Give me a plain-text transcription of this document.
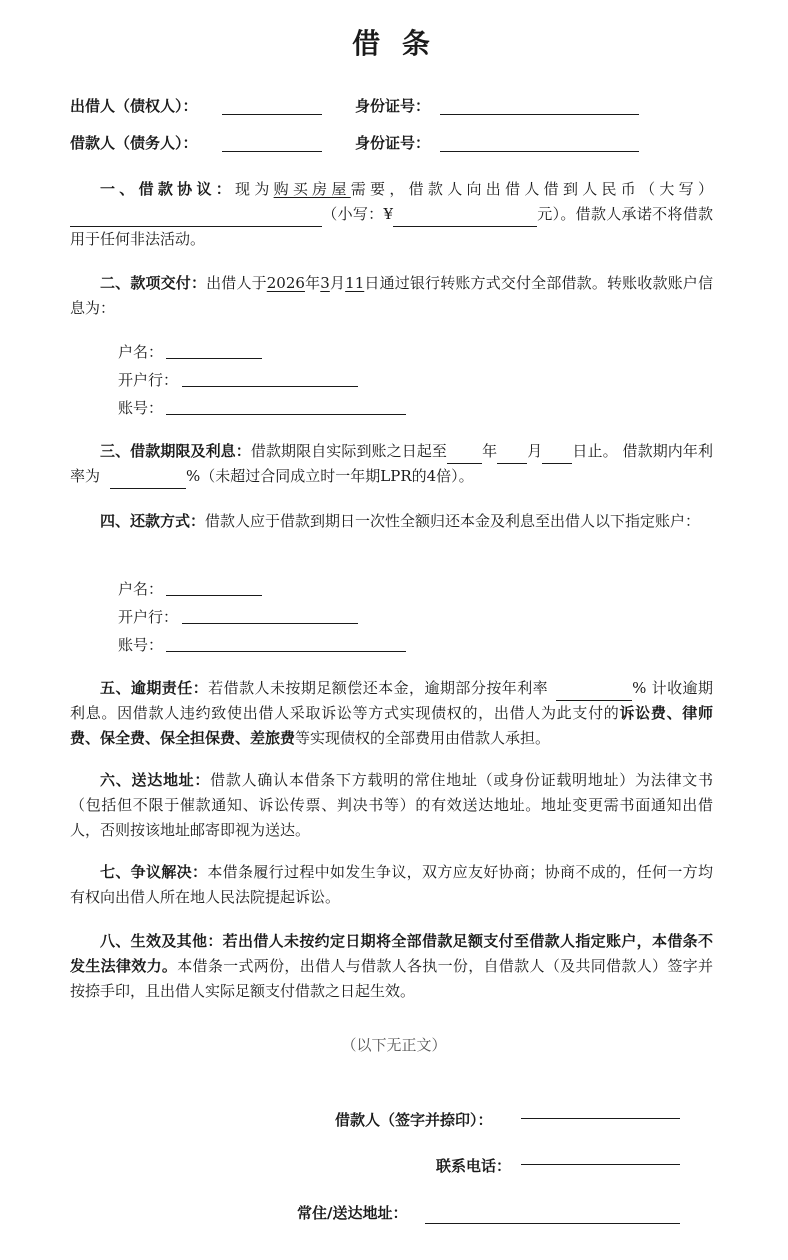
借 条
出借人（债权人）：	身份证号：
借款人（债务人）：	身份证号：
一、借款协议：现为购买房屋需要，借款人向出借人借到人民币（大写）（小写：¥	元）。借款人承诺不将借款用于任何非法活动。
二、款项交付：出借人于2026年3月11日通过银行转账方式交付全部借款。转账收款账户信息为：
户名：
开户行：
账号：
三、借款期限及利息：借款期限自实际到账之日起至 年 月 日止。 借款期内年利率为	%（未超过合同成立时一年期LPR的4倍）。
四、还款方式：借款人应于借款到期日一次性全额归还本金及利息至出借人以下指定账户：
户名：
开户行：
账号：
五、逾期责任：若借款人未按期足额偿还本金，逾期部分按年利率	% 计收逾期利息。因借款人违约致使出借人采取诉讼等方式实现债权的，出借人为此支付的诉讼费、律师费、保全费、保全担保费、差旅费等实现债权的全部费用由借款人承担。
六、送达地址：借款人确认本借条下方载明的常住地址（或身份证载明地址）为法律文书（包括但不限于催款通知、诉讼传票、判决书等）的有效送达地址。地址变更需书面通知出借人，否则按该地址邮寄即视为送达。
七、争议解决：本借条履行过程中如发生争议，双方应友好协商；协商不成的，任何一方均有权向出借人所在地人民法院提起诉讼。
八、生效及其他：若出借人未按约定日期将全部借款足额支付至借款人指定账户，本借条不发生法律效力。本借条一式两份，出借人与借款人各执一份，自借款人（及共同借款人）签字并按捺手印，且出借人实际足额支付借款之日起生效。
（以下无正文）
借款人（签字并捺印）：
联系电话：
常住/送达地址：
